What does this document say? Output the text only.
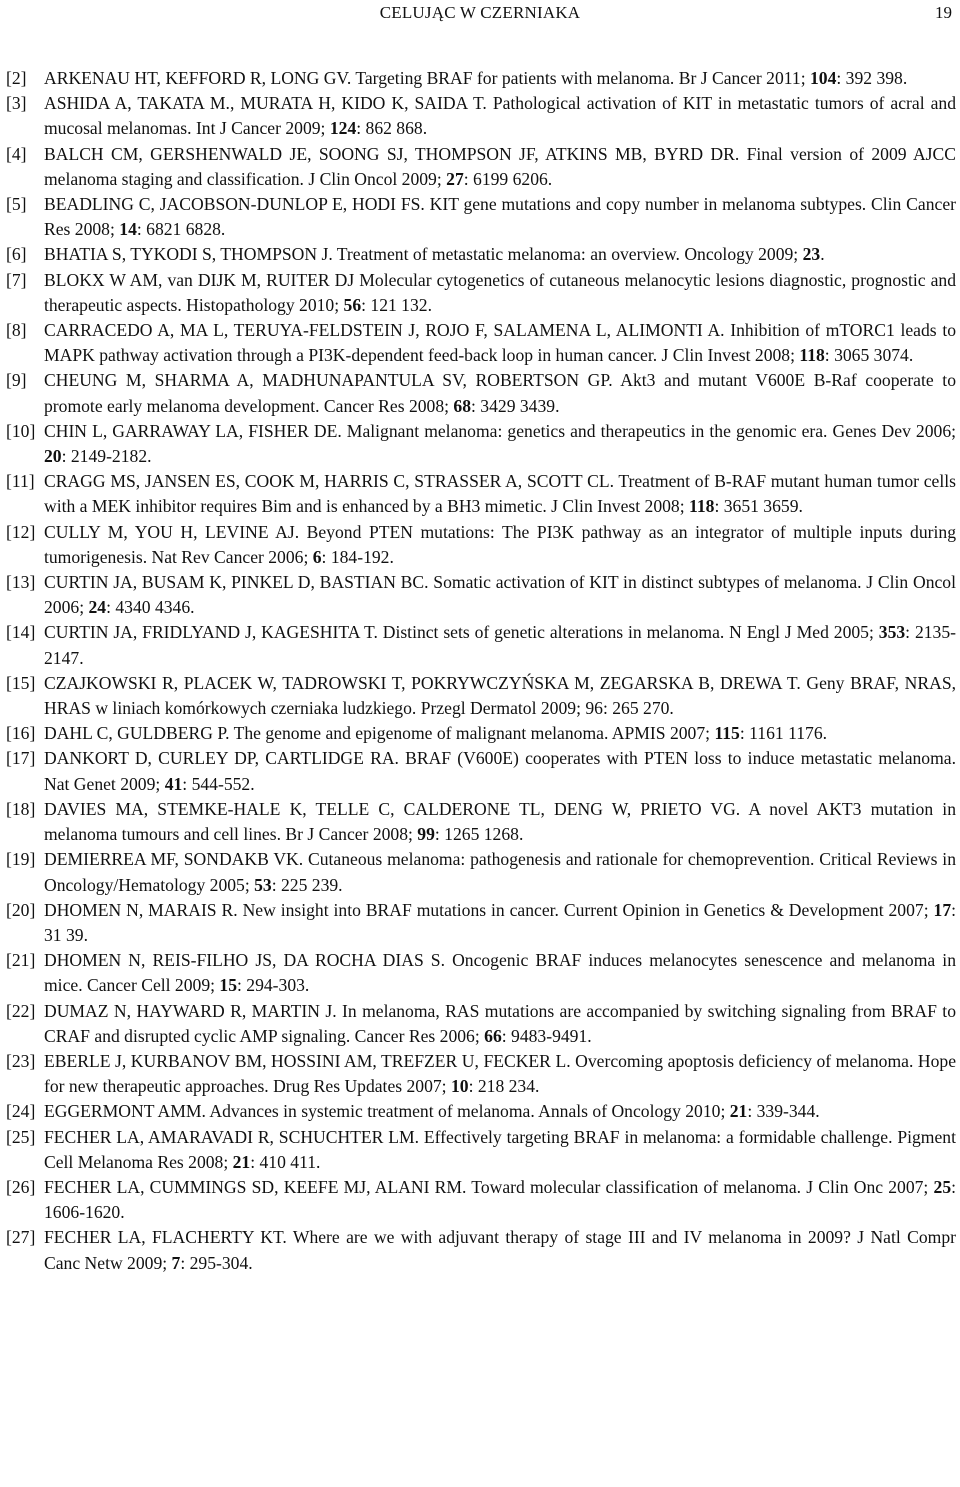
CELUJĄC W CZERNIAKA	19
[2] ARKENAU HT, KEFFORD R, LONG GV. Targeting BRAF for patients with melanoma. Br J Cancer 2011; 104: 392 398.
[3] ASHIDA A, TAKATA M., MURATA H, KIDO K, SAIDA T. Pathological activation of KIT in metastatic tumors of acral and mucosal melanomas. Int J Cancer 2009; 124: 862 868.
[4] BALCH CM, GERSHENWALD JE, SOONG SJ, THOMPSON JF, ATKINS MB, BYRD DR. Final version of 2009 AJCC melanoma staging and classification. J Clin Oncol 2009; 27: 6199 6206.
[5] BEADLING C, JACOBSON-DUNLOP E, HODI FS. KIT gene mutations and copy number in melanoma subtypes. Clin Cancer Res 2008; 14: 6821 6828.
[6] BHATIA S, TYKODI S, THOMPSON J. Treatment of metastatic melanoma: an overview. Oncology 2009; 23.
[7] BLOKX W AM, van DIJK M, RUITER DJ Molecular cytogenetics of cutaneous melanocytic lesions diagnostic, prognostic and therapeutic aspects. Histopathology 2010; 56: 121 132.
[8] CARRACEDO A, MA L, TERUYA-FELDSTEIN J, ROJO F, SALAMENA L, ALIMONTI A. Inhibition of mTORC1 leads to MAPK pathway activation through a PI3K-dependent feed-back loop in human cancer. J Clin Invest 2008; 118: 3065 3074.
[9] CHEUNG M, SHARMA A, MADHUNAPANTULA SV, ROBERTSON GP. Akt3 and mutant V600E B-Raf cooperate to promote early melanoma development. Cancer Res 2008; 68: 3429 3439.
[10] CHIN L, GARRAWAY LA, FISHER DE. Malignant melanoma: genetics and therapeutics in the genomic era. Genes Dev 2006; 20: 2149-2182.
[11] CRAGG MS, JANSEN ES, COOK M, HARRIS C, STRASSER A, SCOTT CL. Treatment of B-RAF mutant human tumor cells with a MEK inhibitor requires Bim and is enhanced by a BH3 mimetic. J Clin Invest 2008; 118: 3651 3659.
[12] CULLY M, YOU H, LEVINE AJ. Beyond PTEN mutations: The PI3K pathway as an integrator of multiple inputs during tumorigenesis. Nat Rev Cancer 2006; 6: 184-192.
[13] CURTIN JA, BUSAM K, PINKEL D, BASTIAN BC. Somatic activation of KIT in distinct subtypes of melanoma. J Clin Oncol 2006; 24: 4340 4346.
[14] CURTIN JA, FRIDLYAND J, KAGESHITA T. Distinct sets of genetic alterations in melanoma. N Engl J Med 2005; 353: 2135-2147.
[15] CZAJKOWSKI R, PLACEK W, TADROWSKI T, POKRYWCZYŃSKA M, ZEGARSKA B, DREWA T. Geny BRAF, NRAS, HRAS w liniach komórkowych czerniaka ludzkiego. Przegl Dermatol 2009; 96: 265 270.
[16] DAHL C, GULDBERG P. The genome and epigenome of malignant melanoma. APMIS 2007; 115: 1161 1176.
[17] DANKORT D, CURLEY DP, CARTLIDGE RA. BRAF (V600E) cooperates with PTEN loss to induce metastatic melanoma. Nat Genet 2009; 41: 544-552.
[18] DAVIES MA, STEMKE-HALE K, TELLE C, CALDERONE TL, DENG W, PRIETO VG. A novel AKT3 mutation in melanoma tumours and cell lines. Br J Cancer 2008; 99: 1265 1268.
[19] DEMIERREA MF, SONDAKB VK. Cutaneous melanoma: pathogenesis and rationale for chemoprevention. Critical Reviews in Oncology/Hematology 2005; 53: 225 239.
[20] DHOMEN N, MARAIS R. New insight into BRAF mutations in cancer. Current Opinion in Genetics & Development 2007; 17: 31 39.
[21] DHOMEN N, REIS-FILHO JS, DA ROCHA DIAS S. Oncogenic BRAF induces melanocytes senescence and melanoma in mice. Cancer Cell 2009; 15: 294-303.
[22] DUMAZ N, HAYWARD R, MARTIN J. In melanoma, RAS mutations are accompanied by switching signaling from BRAF to CRAF and disrupted cyclic AMP signaling. Cancer Res 2006; 66: 9483-9491.
[23] EBERLE J, KURBANOV BM, HOSSINI AM, TREFZER U, FECKER L. Overcoming apoptosis deficiency of melanoma. Hope for new therapeutic approaches. Drug Res Updates 2007; 10: 218 234.
[24] EGGERMONT AMM. Advances in systemic treatment of melanoma. Annals of Oncology 2010; 21: 339-344.
[25] FECHER LA, AMARAVADI R, SCHUCHTER LM. Effectively targeting BRAF in melanoma: a formidable challenge. Pigment Cell Melanoma Res 2008; 21: 410 411.
[26] FECHER LA, CUMMINGS SD, KEEFE MJ, ALANI RM. Toward molecular classification of melanoma. J Clin Onc 2007; 25: 1606-1620.
[27] FECHER LA, FLACHERTY KT. Where are we with adjuvant therapy of stage III and IV melanoma in 2009? J Natl Compr Canc Netw 2009; 7: 295-304.
